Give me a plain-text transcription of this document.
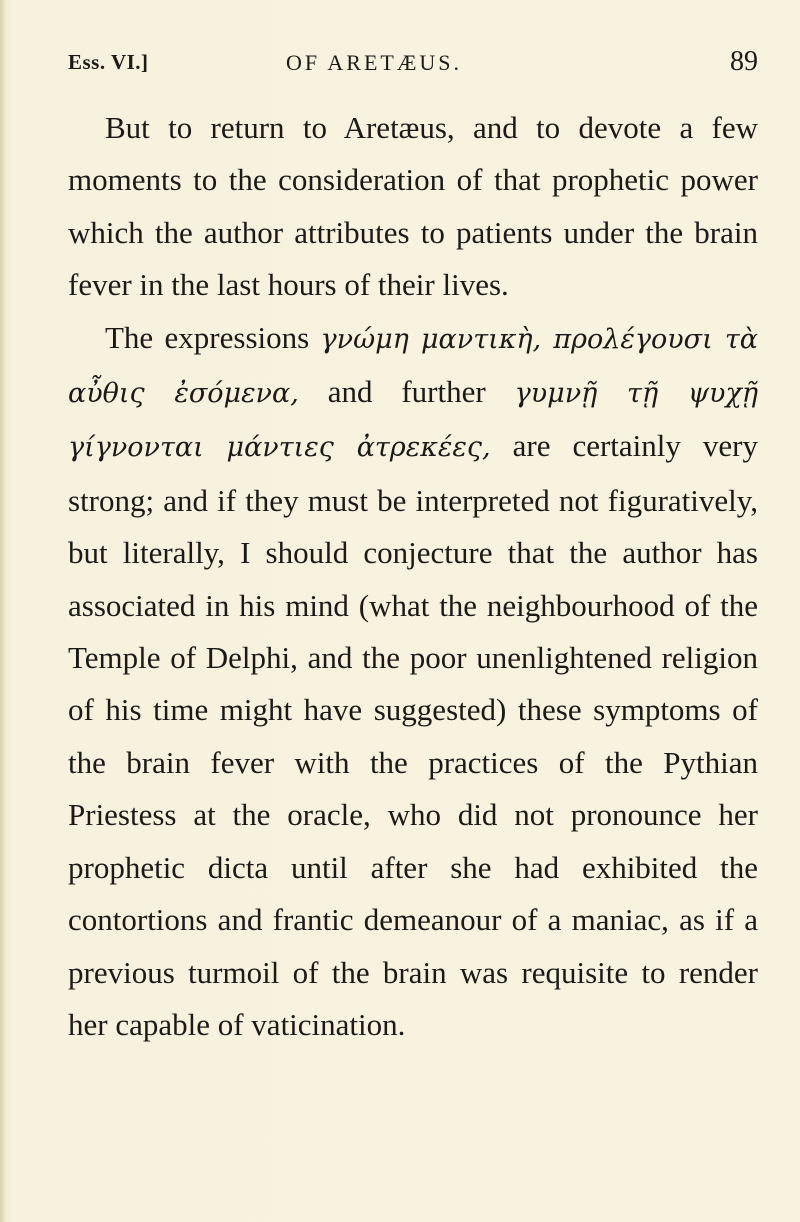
Ess. VI.]	OF ARETÆUS.	89

But to return to Aretæus, and to devote a few moments to the consideration of that prophetic power which the author attributes to patients under the brain fever in the last hours of their lives.

The expressions γνώμη μαντικὴ, προλέγουσι τὰ αὖθις ἐσόμενα, and further γυμνῇ τῇ ψυχῇ γίγνονται μάντιες ἀτρεκέες, are certainly very strong; and if they must be interpreted not figuratively, but literally, I should conjecture that the author has associated in his mind (what the neighbourhood of the Temple of Delphi, and the poor unenlightened religion of his time might have suggested) these symptoms of the brain fever with the practices of the Pythian Priestess at the oracle, who did not pronounce her prophetic dicta until after she had exhibited the contortions and frantic demeanour of a maniac, as if a previous turmoil of the brain was requisite to render her capable of vaticination.
